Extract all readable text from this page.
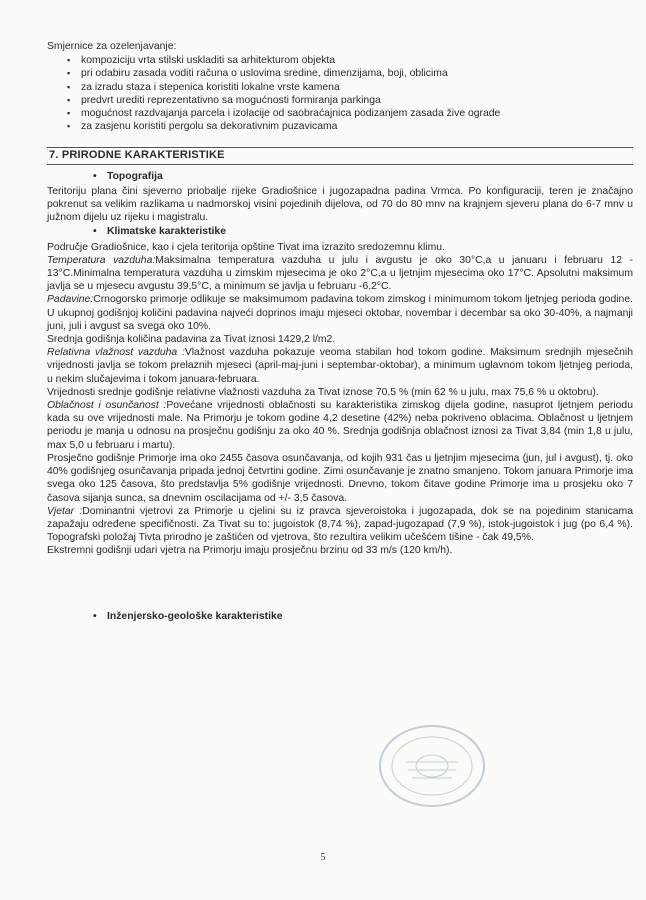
Smjernice za ozelenjavanje:

▪ kompoziciju vrta stilski uskladiti sa arhitekturom objekta
▪ pri odabiru zasada voditi računa o uslovima sredine, dimenzijama, boji, oblicima
▪ za izradu staza i stepenica koristiti lokalne vrste kamena
▪ predvrt urediti reprezentativno sa mogućnosti formiranja parkinga
▪ mogućnost razdvajanja parcela i izolacije od saobraćajnica podizanjem zasada žive ograde
▪ za zasjenu koristiti pergolu sa dekorativnim puzavicama
7. PRIRODNE KARAKTERISTIKE
• Topografija

Teritoriju plana čini sjeverno priobalje rijeke Gradiošnice i jugozapadna padina Vrmca. Po konfiguraciji, teren je značajno pokrenut sa velikim razlikama u nadmorskoj visini pojedinih dijelova, od 70 do 80 mnv na krajnjem sjeveru plana do 6-7 mnv u južnom dijelu uz rijeku i magistralu.

• Klimatske karakteristike

Područje Gradiošnice, kao i cjela teritorija opštine Tivat ima izrazito sredozemnu klimu.

Temperatura vazduha:Maksimalna temperatura vazduha u julu i avgustu je oko 30°C,a u januaru i februaru 12 - 13°C.Minimalna temperatura vazduha u zimskim mjesecima je oko 2°C,a u ljetnjim mjesecima oko 17°C. Apsolutni maksimum javlja se u mjesecu avgustu 39,5°C, a minimum se javlja u februaru -6,2°C.

Padavine:Crnogorsko primorje odlikuje se maksimumom padavina tokom zimskog i minimumom tokom ljetnjeg perioda godine. U ukupnoj godišnjoj količini padavina najveći doprinos imaju mjeseci oktobar, novembar i decembar sa oko 30-40%, a najmanji juni, juli i avgust sa svega oko 10%.

Srednja godišnja količina padavina za Tivat iznosi 1429,2 l/m2.

Relativna vlažnost vazduha :Vlažnost vazduha pokazuje veoma stabilan hod tokom godine. Maksimum srednjih mjesečnih vrijednosti javlja se tokom prelaznih mjeseci (april-maj-juni i septembar-oktobar), a minimum uglavnom tokom ljetnjeg perioda, u nekim slučajevima i tokom januara-februara.

Vrijednosti srednje godišnje relativne vlažnosti vazduha za Tivat iznose 70,5 % (min 62 % u julu, max 75,6 % u oktobru).

Oblačnost i osunčanost :Povećane vrijednosti oblačnosti su karakteristika zimskog dijela godine, nasuprot ljetnjem periodu kada su ove vrijednosti male. Na Primorju je tokom godine 4,2 desetine (42%) neba pokriveno oblacima. Oblačnost u ljetnjem periodu je manja u odnosu na prosječnu godišnju za oko 40 %. Srednja godišnja oblačnost iznosi za Tivat 3,84 (min 1,8 u julu, max 5,0 u februaru i martu).

Prosječno godišnje Primorje ima oko 2455 časova osunčavanja, od kojih 931 čas u ljetnjim mjesecima (jun, jul i avgust), tj. oko 40% godišnjeg osunčavanja pripada jednoj četvrtini godine. Zimi osunčavanje je znatno smanjeno. Tokom januara Primorje ima svega oko 125 časova, što predstavlja 5% godišnje vrijednosti. Dnevno, tokom čitave godine Primorje ima u prosjeku oko 7 časova sijanja sunca, sa dnevnim oscilacijama od +/- 3,5 časova.

Vjetar :Dominantni vjetrovi za Primorje u cjelini su iz pravca sjeveroistoka i jugozapada, dok se na pojedinim stanicama zapažaju određene specifičnosti. Za Tivat su to: jugoistok (8,74 %), zapad-jugozapad (7,9 %), istok-jugoistok i jug (po 6,4 %). Topografski položaj Tivta prirodno je zaštićen od vjetrova, što rezultira velikim učešćem tišine - čak 49,5%.

Ekstremni godišnji udari vjetra na Primorju imaju prosječnu brzinu od 33 m/s (120 km/h).

• Inženjersko-geološke karakteristike
5
